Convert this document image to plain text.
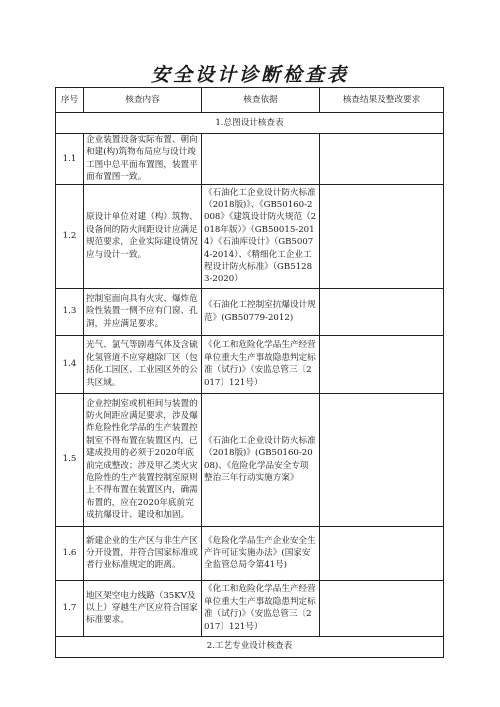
安全设计诊断检查表
序号	核查内容	核查依据	核查结果及整改要求
1.总图设计核查表			
1.1	企业装置设备实际布置、朝向和建(构)筑物布局应与设计竣工图中总平面布置图，装置平面布置图一致。		
1.2	原设计单位对建（构）筑物、设备间的防火间距设计应满足规范要求，企业实际建设情况应与设计一致。	《石油化工企业设计防火标准（2018版)》、《GB50160-2008》《建筑设计防火规范（2018年版）》（GB50015-2014）《石油库设计》（GB50074-2014）、《精细化工企业工程设计防火标准》（GB51283-2020）	
1.3	控制室面向具有火灾、爆炸危险性装置一侧不应有门窗、孔洞，并应满足要求。	《石油化工控制室抗爆设计规范》(GB50779-2012)	
1.4	光气、氯气等剧毒气体及含硫化氢管道不应穿越除厂区（包括化工园区、工业园区外的公共区域。	《化工和危险化学品生产经营单位重大生产事故隐患判定标准（试行)》（安监总管三〔2017〕121号）	
1.5	企业控制室或机柜间与装置的防火间距应满足要求，涉及爆炸危险性化学品的生产装置控制室不得布置在装置区内，已建成投用的必须于2020年底前完成整改；涉及甲乙类火灾危险性的生产装置控制室原则上不得布置在装置区内，确需布置的，应在2020年底前完成抗爆设计、建设和加固。	《石油化工企业设计防火标准（2018版)》(GB50160-2008)、《危险化学品安全专项整治三年行动实施方案》	
1.6	新建企业的生产区与非生产区分开设置，并符合国家标准或者行业标准规定的距离。	《危险化学品生产企业安全生产许可证实施办法》(国家安全监管总局令第41号)	
1.7	地区架空电力线路（35KV及以上）穿越生产区应符合国家标准要求。	《化工和危险化学品生产经营单位重大生产事故隐患判定标准（试行)》（安监总管三〔2017〕121号）	
2.工艺专业设计核查表			
